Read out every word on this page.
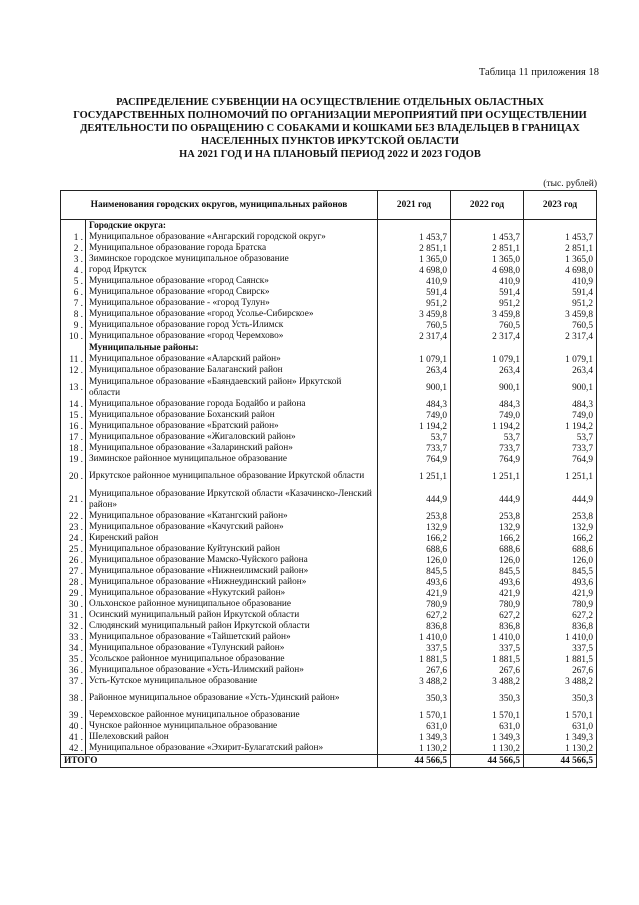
Таблица 11 приложения 18
РАСПРЕДЕЛЕНИЕ СУБВЕНЦИИ НА ОСУЩЕСТВЛЕНИЕ ОТДЕЛЬНЫХ ОБЛАСТНЫХ
ГОСУДАРСТВЕННЫХ ПОЛНОМОЧИЙ ПО ОРГАНИЗАЦИИ МЕРОПРИЯТИЙ ПРИ ОСУЩЕСТВЛЕНИИ
ДЕЯТЕЛЬНОСТИ ПО ОБРАЩЕНИЮ С СОБАКАМИ И КОШКАМИ БЕЗ ВЛАДЕЛЬЦЕВ В ГРАНИЦАХ
НАСЕЛЕННЫХ ПУНКТОВ ИРКУТСКОЙ ОБЛАСТИ
НА 2021 ГОД И НА ПЛАНОВЫЙ ПЕРИОД 2022 И 2023 ГОДОВ
(тыс. рублей)
Наименования городских округов, муниципальных районов		2021 год	2022 год	2023 год
	Городские округа:			
1 .	Муниципальное образование «Ангарский городской округ»	1 453,7	1 453,7	1 453,7
2 .	Муниципальное образование города Братска	2 851,1	2 851,1	2 851,1
3 .	Зиминское городское муниципальное образование	1 365,0	1 365,0	1 365,0
4 .	город Иркутск	4 698,0	4 698,0	4 698,0
5 .	Муниципальное образование «город Саянск»	410,9	410,9	410,9
6 .	Муниципальное образование «город Свирск»	591,4	591,4	591,4
7 .	Муниципальное образование - «город Тулун»	951,2	951,2	951,2
8 .	Муниципальное образование «город Усолье-Сибирское»	3 459,8	3 459,8	3 459,8
9 .	Муниципальное образование город Усть-Илимск	760,5	760,5	760,5
10 .	Муниципальное образование «город Черемхово»	2 317,4	2 317,4	2 317,4
	Муниципальные районы:			
11 .	Муниципальное образование «Аларский район»	1 079,1	1 079,1	1 079,1
12 .	Муниципальное образование Балаганский район	263,4	263,4	263,4
13 .	Муниципальное образование «Баяндаевский район» Иркутской области	900,1	900,1	900,1
14 .	Муниципальное образование города Бодайбо и района	484,3	484,3	484,3
15 .	Муниципальное образование Боханский район	749,0	749,0	749,0
16 .	Муниципальное образование «Братский район»	1 194,2	1 194,2	1 194,2
17 .	Муниципальное образование «Жигаловский район»	53,7	53,7	53,7
18 .	Муниципальное образование «Заларинский район»	733,7	733,7	733,7
19 .	Зиминское районное муниципальное образование	764,9	764,9	764,9
20 .	Иркутское районное муниципальное образование Иркутской области	1 251,1	1 251,1	1 251,1
21 .	Муниципальное образование Иркутской области «Казачинско-Ленский район»	444,9	444,9	444,9
22 .	Муниципальное образование «Катангский район»	253,8	253,8	253,8
23 .	Муниципальное образование «Качугский район»	132,9	132,9	132,9
24 .	Киренский район	166,2	166,2	166,2
25 .	Муниципальное образование Куйтунский район	688,6	688,6	688,6
26 .	Муниципальное образование Мамско-Чуйского района	126,0	126,0	126,0
27 .	Муниципальное образование «Нижнеилимский район»	845,5	845,5	845,5
28 .	Муниципальное образование «Нижнеудинский район»	493,6	493,6	493,6
29 .	Муниципальное образование «Нукутский район»	421,9	421,9	421,9
30 .	Ольхонское районное муниципальное образование	780,9	780,9	780,9
31 .	Осинский муниципальный район Иркутской области	627,2	627,2	627,2
32 .	Слюдянский муниципальный район Иркутской области	836,8	836,8	836,8
33 .	Муниципальное образование «Тайшетский район»	1 410,0	1 410,0	1 410,0
34 .	Муниципальное образование «Тулунский район»	337,5	337,5	337,5
35 .	Усольское районное муниципальное образование	1 881,5	1 881,5	1 881,5
36 .	Муниципальное образование «Усть-Илимский район»	267,6	267,6	267,6
37 .	Усть-Кутское муниципальное образование	3 488,2	3 488,2	3 488,2
38 .	Районное муниципальное образование «Усть-Удинский район»	350,3	350,3	350,3
39 .	Черемховское районное муниципальное образование	1 570,1	1 570,1	1 570,1
40 .	Чунское районное муниципальное образование	631,0	631,0	631,0
41 .	Шелеховский район	1 349,3	1 349,3	1 349,3
42 .	Муниципальное образование «Эхирит-Булагатский район»	1 130,2	1 130,2	1 130,2
ИТОГО		44 566,5	44 566,5	44 566,5
